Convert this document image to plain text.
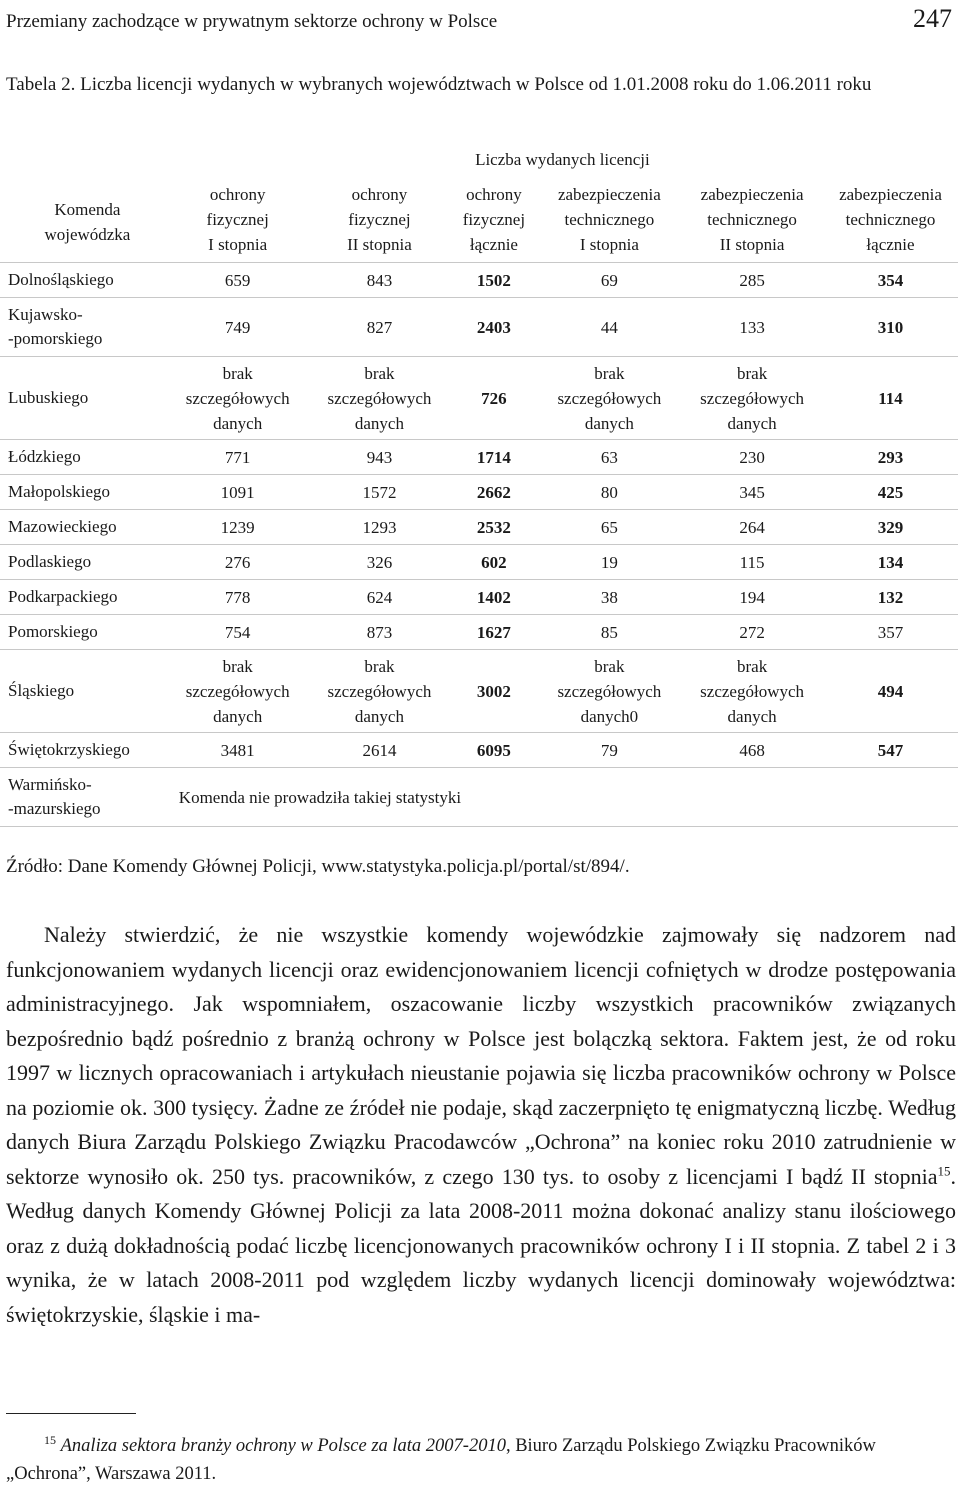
Przemiany zachodzące w prywatnym sektorze ochrony w Polsce	247
Tabela 2. Liczba licencji wydanych w wybranych województwach w Polsce od 1.01.2008 roku do 1.06.2011 roku
Komenda
wojewódzka	Liczba wydanych licencji					

	ochrony
fizycznej
I stopnia	ochrony
fizycznej
II stopnia	ochrony
fizycznej
łącznie	zabezpieczenia
technicznego
I stopnia	zabezpieczenia
technicznego
II stopnia	zabezpieczenia
technicznego
łącznie

Dolnośląskiego	659	843	1502	69	285	354

Kujawsko-
-pomorskiego	749	827	2403	44	133	310

Lubuskiego	brak
szczegółowych
danych	brak
szczegółowych
danych	726	brak
szczegółowych
danych	brak
szczegółowych
danych	114

Łódzkiego	771	943	1714	63	230	293

Małopolskiego	1091	1572	2662	80	345	425

Mazowieckiego	1239	1293	2532	65	264	329

Podlaskiego	276	326	602	19	115	134

Podkarpackiego	778	624	1402	38	194	132

Pomorskiego	754	873	1627	85	272	357

Śląskiego	brak
szczegółowych
danych	brak
szczegółowych
danych	3002	brak
szczegółowych
danych0	brak
szczegółowych
danych	494

Świętokrzyskiego	3481	2614	6095	79	468	547

Warmińsko-
-mazurskiego	Komenda nie prowadziła takiej statystyki					
Źródło: Dane Komendy Głównej Policji, www.statystyka.policja.pl/portal/st/894/.

Należy stwierdzić, że nie wszystkie komendy wojewódzkie zajmowały się nadzorem nad funkcjonowaniem wydanych licencji oraz ewidencjonowaniem licencji cofniętych w drodze postępowania administracyjnego. Jak wspomniałem, oszacowanie liczby wszystkich pracowników związanych bezpośrednio bądź pośrednio z branżą ochrony w Polsce jest bolączką sektora. Faktem jest, że od roku 1997 w licznych opracowaniach i artykułach nieustanie pojawia się liczba pracowników ochrony w Polsce na poziomie ok. 300 tysięcy. Żadne ze źródeł nie podaje, skąd zaczerpnięto tę enigmatyczną liczbę. Według danych Biura Zarządu Polskiego Związku Pracodawców „Ochrona” na koniec roku 2010 zatrudnienie w sektorze wynosiło ok. 250 tys. pracowników, z czego 130 tys. to osoby z licencjami I bądź II stopnia$^{15}$. Według danych Komendy Głównej Policji za lata 2008-2011 można dokonać analizy stanu ilościowego oraz z dużą dokładnością podać liczbę licencjonowanych pracowników ochrony I i II stopnia. Z tabel 2 i 3 wynika, że w latach 2008-2011 pod względem liczby wydanych licencji dominowały województwa: świętokrzyskie, śląskie i ma-

$^{15}$ Analiza sektora branży ochrony w Polsce za lata 2007-2010, Biuro Zarządu Polskiego Związku Pracowników „Ochrona”, Warszawa 2011.
